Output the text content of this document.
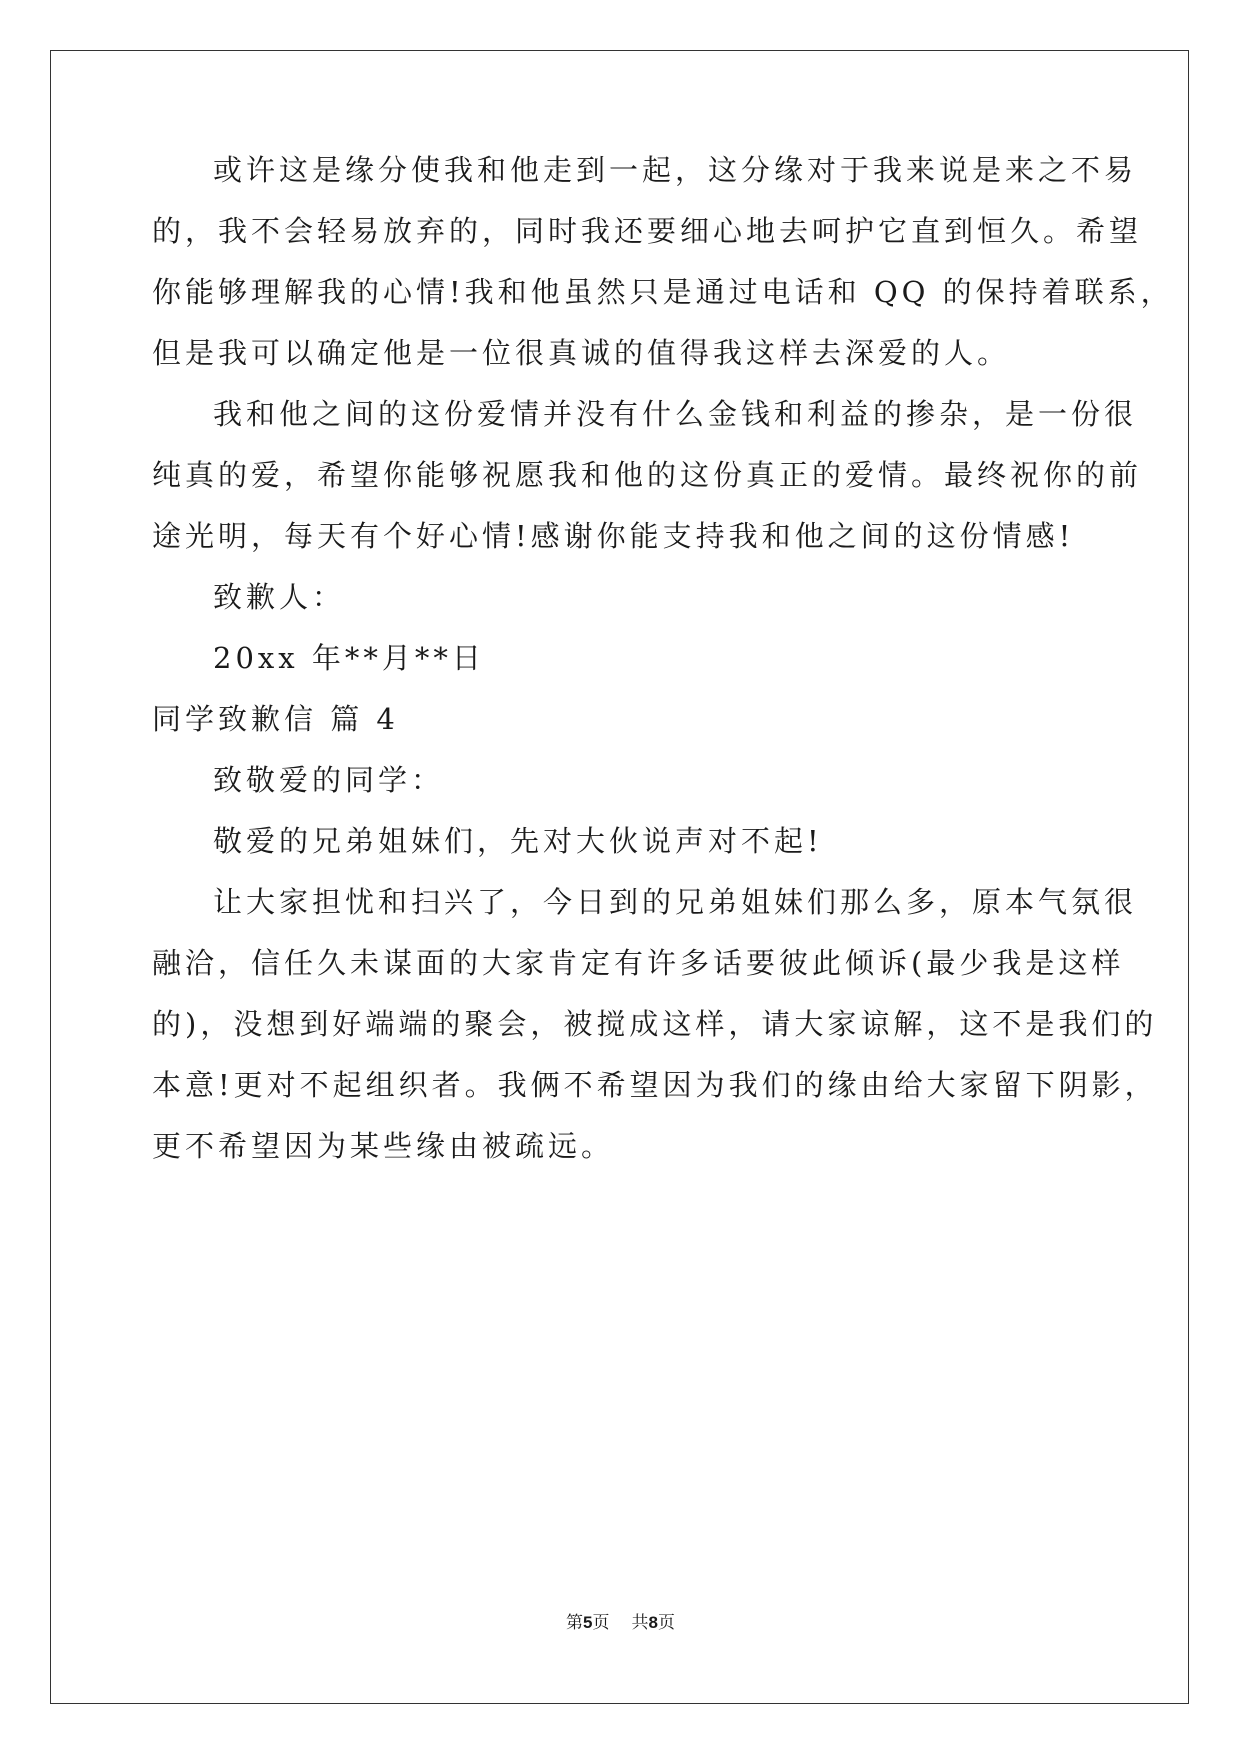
或许这是缘分使我和他走到一起，这分缘对于我来说是来之不易
的，我不会轻易放弃的，同时我还要细心地去呵护它直到恒久。希望
你能够理解我的心情!我和他虽然只是通过电话和 QQ 的保持着联系，
但是我可以确定他是一位很真诚的值得我这样去深爱的人。
我和他之间的这份爱情并没有什么金钱和利益的掺杂，是一份很
纯真的爱，希望你能够祝愿我和他的这份真正的爱情。最终祝你的前
途光明，每天有个好心情!感谢你能支持我和他之间的这份情感!
致歉人：
20xx 年**月**日
同学致歉信 篇 4
致敬爱的同学：
敬爱的兄弟姐妹们，先对大伙说声对不起!
让大家担忧和扫兴了，今日到的兄弟姐妹们那么多，原本气氛很
融洽，信任久未谋面的大家肯定有许多话要彼此倾诉(最少我是这样
的)，没想到好端端的聚会，被搅成这样，请大家谅解，这不是我们的
本意!更对不起组织者。我俩不希望因为我们的缘由给大家留下阴影，
更不希望因为某些缘由被疏远。
第5页 共8页
